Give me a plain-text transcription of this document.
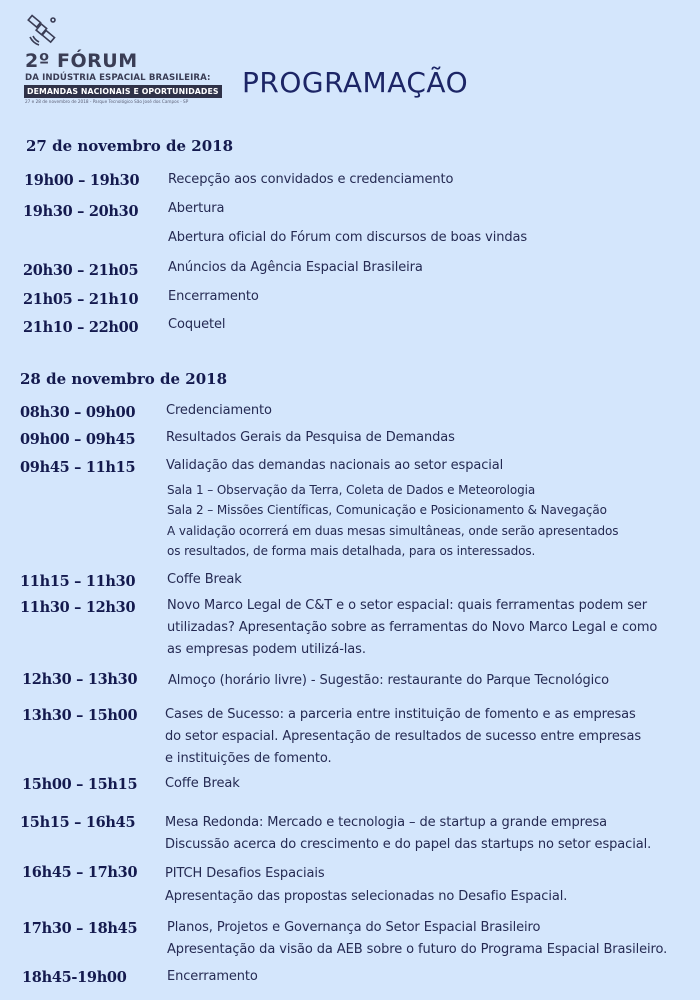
2º FÓRUM
DA INDÚSTRIA ESPACIAL BRASILEIRA:
DEMANDAS NACIONAIS E OPORTUNIDADES
27 e 28 de novembro de 2018 - Parque Tecnológico São José dos Campos - SP
PROGRAMAÇÃO
27 de novembro de 2018
19h00 – 19h30 Recepção aos convidados e credenciamento
19h30 – 20h30 Abertura
Abertura oficial do Fórum com discursos de boas vindas
20h30 – 21h05 Anúncios da Agência Espacial Brasileira
21h05 – 21h10 Encerramento
21h10 – 22h00 Coquetel
28 de novembro de 2018
08h30 – 09h00 Credenciamento
09h00 – 09h45 Resultados Gerais da Pesquisa de Demandas
09h45 – 11h15 Validação das demandas nacionais ao setor espacial
Sala 1 – Observação da Terra, Coleta de Dados e Meteorologia
Sala 2 – Missões Científicas, Comunicação e Posicionamento & Navegação
A validação ocorrerá em duas mesas simultâneas, onde serão apresentados
os resultados, de forma mais detalhada, para os interessados.
11h15 – 11h30 Coffe Break
11h30 – 12h30 Novo Marco Legal de C&T e o setor espacial: quais ferramentas podem ser
utilizadas? Apresentação sobre as ferramentas do Novo Marco Legal e como
as empresas podem utilizá-las.
12h30 – 13h30 Almoço (horário livre) - Sugestão: restaurante do Parque Tecnológico
13h30 – 15h00 Cases de Sucesso: a parceria entre instituição de fomento e as empresas
do setor espacial. Apresentação de resultados de sucesso entre empresas
e instituições de fomento.
15h00 – 15h15 Coffe Break
15h15 – 16h45 Mesa Redonda: Mercado e tecnologia – de startup a grande empresa
Discussão acerca do crescimento e do papel das startups no setor espacial.
16h45 – 17h30 PITCH Desafios Espaciais
Apresentação das propostas selecionadas no Desafio Espacial.
17h30 – 18h45 Planos, Projetos e Governança do Setor Espacial Brasileiro
Apresentação da visão da AEB sobre o futuro do Programa Espacial Brasileiro.
18h45-19h00	Encerramento
